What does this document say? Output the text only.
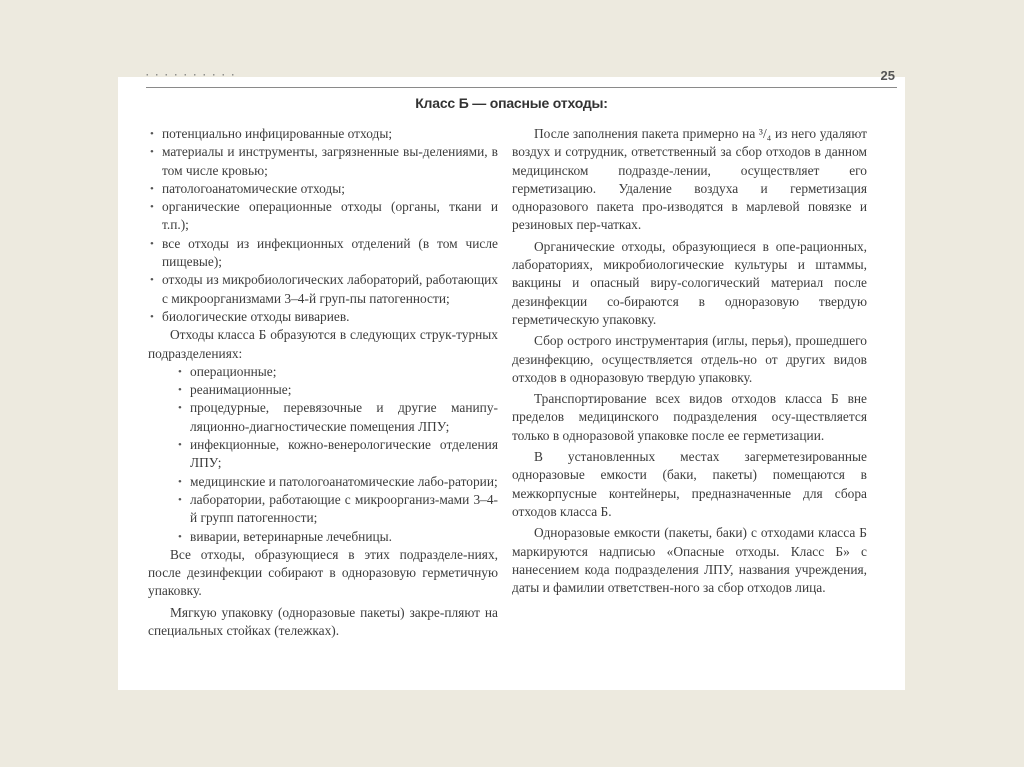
· · · · · · · · · ·	25
Класс Б — опасные отходы:
• потенциально инфицированные отходы;
• материалы и инструменты, загрязненные вы-делениями, в том числе кровью;
• патологоанатомические отходы;
• органические операционные отходы (органы, ткани и т.п.);
• все отходы из инфекционных отделений (в том числе пищевые);
• отходы из микробиологических лабораторий, работающих с микроорганизмами 3–4-й груп-пы патогенности;
• биологические отходы вивариев.

Отходы класса Б образуются в следующих струк-турных подразделениях:

• операционные;
• реанимационные;
• процедурные, перевязочные и другие манипу-ляционно-диагностические помещения ЛПУ;
• инфекционные, кожно-венерологические отделения ЛПУ;
• медицинские и патологоанатомические лабо-ратории;
• лаборатории, работающие с микроорганиз-мами 3–4-й групп патогенности;
• виварии, ветеринарные лечебницы.

Все отходы, образующиеся в этих подразделе-ниях, после дезинфекции собирают в одноразовую герметичную упаковку.

Мягкую упаковку (одноразовые пакеты) закре-пляют на специальных стойках (тележках).

После заполнения пакета примерно на ³/₄ из него удаляют воздух и сотрудник, ответственный за сбор отходов в данном медицинском подразде-лении, осуществляет его герметизацию. Удаление воздуха и герметизация одноразового пакета про-изводятся в марлевой повязке и резиновых пер-чатках.

Органические отходы, образующиеся в опе-рационных, лабораториях, микробиологические культуры и штаммы, вакцины и опасный виру-сологический материал после дезинфекции со-бираются в одноразовую твердую герметическую упаковку.

Сбор острого инструментария (иглы, перья), прошедшего дезинфекцию, осуществляется отдель-но от других видов отходов в одноразовую твердую упаковку.

Транспортирование всех видов отходов класса Б вне пределов медицинского подразделения осу-ществляется только в одноразовой упаковке после ее герметизации.

В установленных местах загерметезированные одноразовые емкости (баки, пакеты) помещаются в межкорпусные контейнеры, предназначенные для сбора отходов класса Б.

Одноразовые емкости (пакеты, баки) с отходами класса Б маркируются надписью «Опасные отходы. Класс Б» с нанесением кода подразделения ЛПУ, названия учреждения, даты и фамилии ответствен-ного за сбор отходов лица.
